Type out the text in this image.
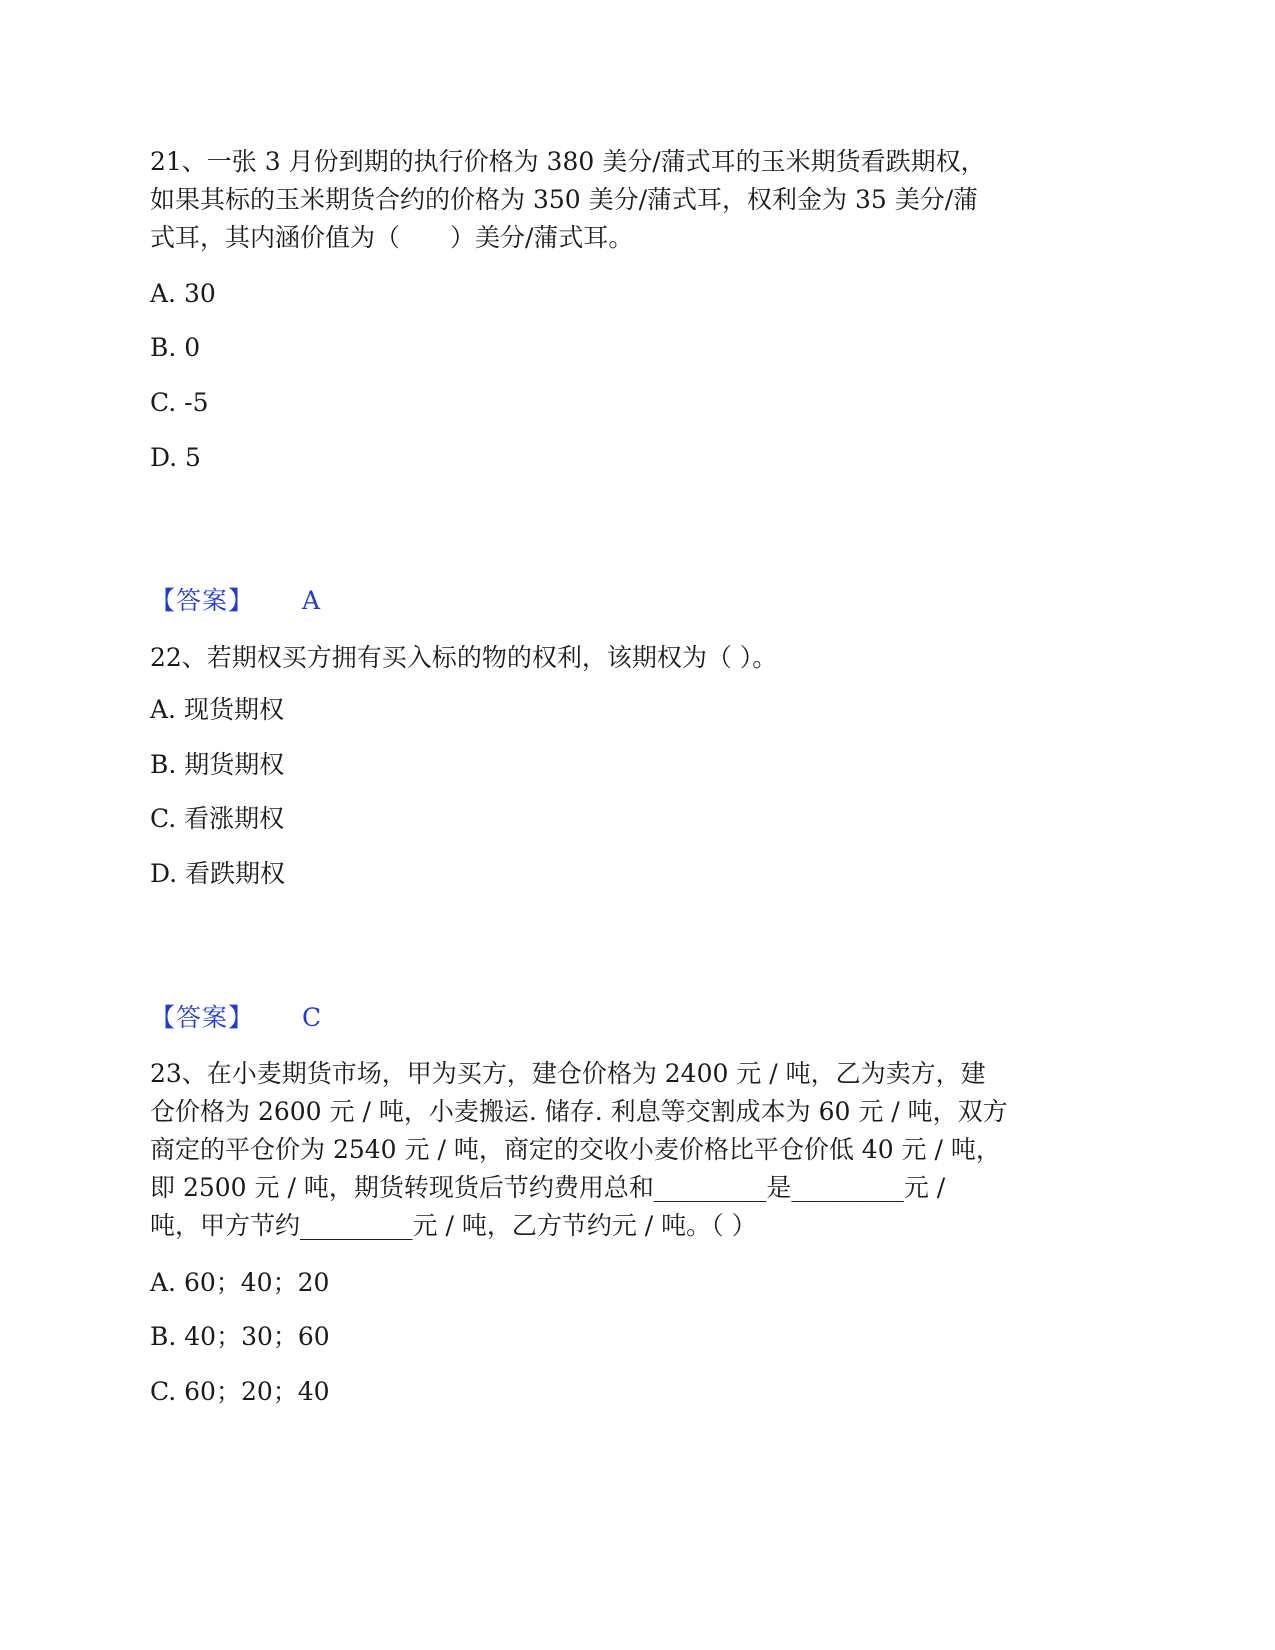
21、一张 3 月份到期的执行价格为 380 美分/蒲式耳的玉米期货看跌期权，
如果其标的玉米期货合约的价格为 350 美分/蒲式耳，权利金为 35 美分/蒲
式耳，其内涵价值为（　　）美分/蒲式耳。
A. 30
B. 0
C. -5
D. 5
【答案】 A
22、若期权买方拥有买入标的物的权利，该期权为（ ）。
A. 现货期权
B. 期货期权
C. 看涨期权
D. 看跌期权
【答案】 C
23、在小麦期货市场，甲为买方，建仓价格为 2400 元 / 吨，乙为卖方，建
仓价格为 2600 元 / 吨，小麦搬运. 储存. 利息等交割成本为 60 元 / 吨，双方
商定的平仓价为 2540 元 / 吨，商定的交收小麦价格比平仓价低 40 元 / 吨，
即 2500 元 / 吨，期货转现货后节约费用总和_________是_________元 /
吨，甲方节约_________元 / 吨，乙方节约元 / 吨。（ ）
A. 60；40；20
B. 40；30；60
C. 60；20；40
